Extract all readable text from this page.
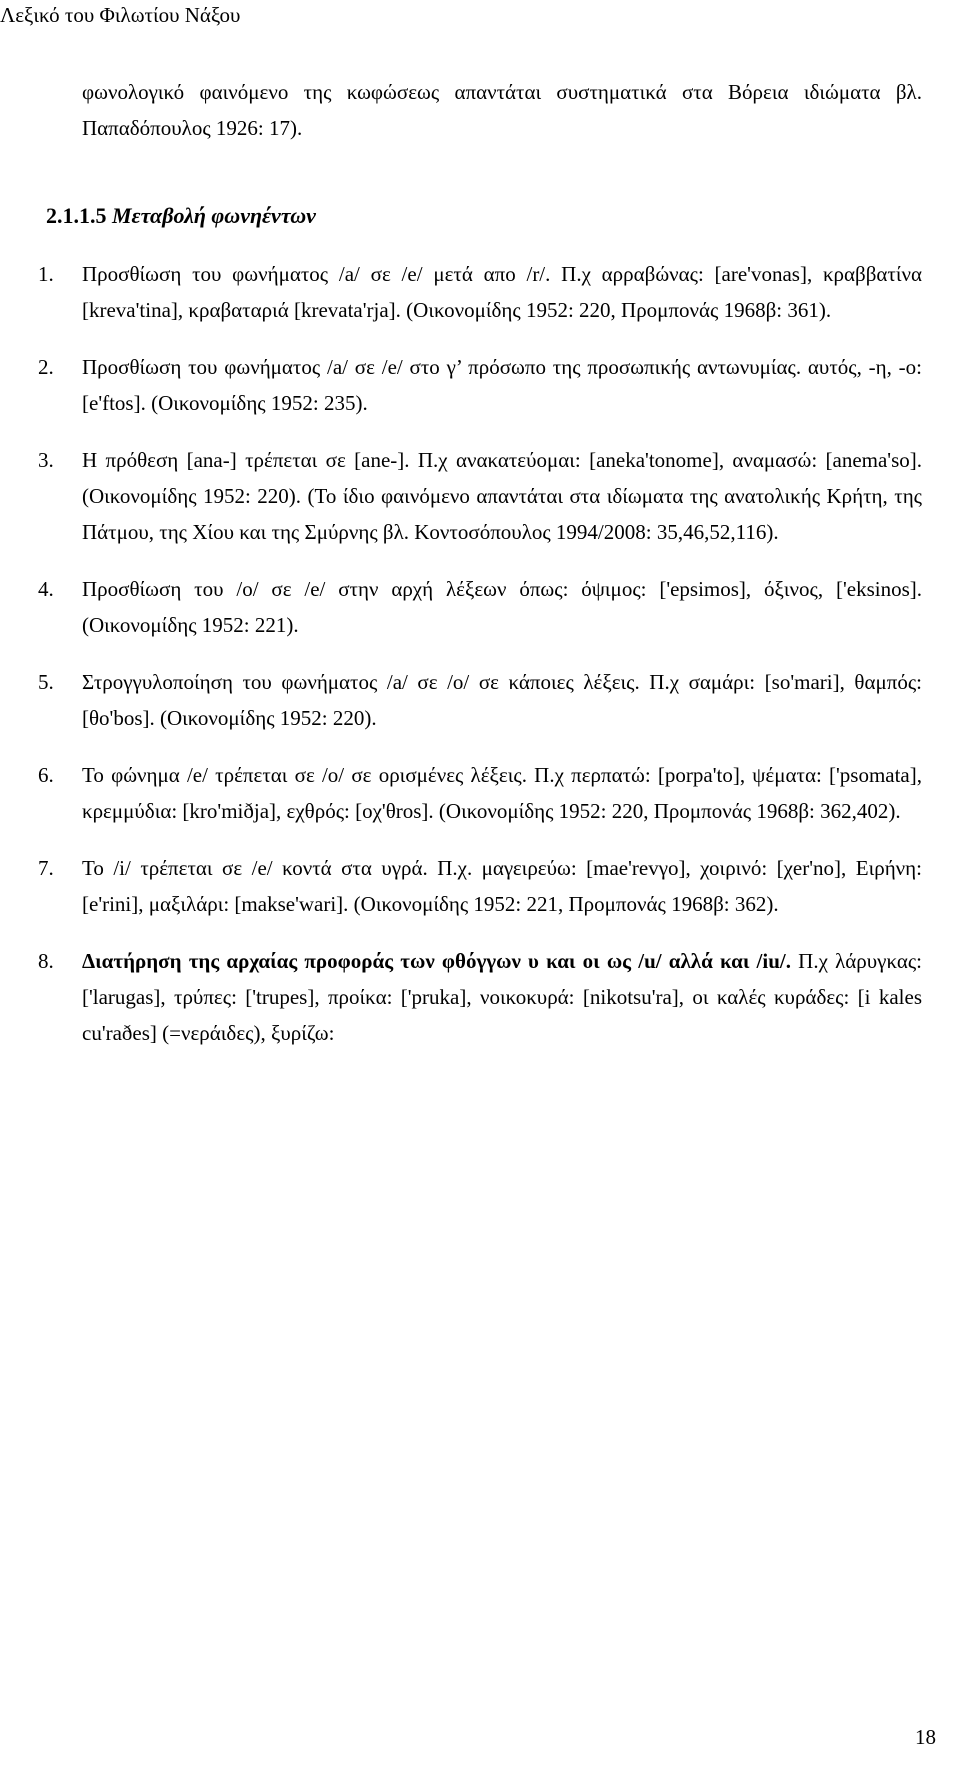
Λεξικό του Φιλωτίου Νάξου

φωνολογικό φαινόμενο της κωφώσεως απαντάται συστηματικά στα Βόρεια ιδιώματα βλ. Παπαδόπουλος 1926: 17).

2.1.1.5 Μεταβολή φωνηέντων
1.	Προσθίωση του φωνήματος /a/ σε /e/ μετά απο /r/. Π.χ αρραβώνας: [are'vonas], κραββατίνα [kreva'tina], κραβαταριά [krevata'rja]. (Οικονομίδης 1952: 220, Προμπονάς 1968β: 361).
2.	Προσθίωση του φωνήματος /a/ σε /e/ στο γ’ πρόσωπο της προσωπικής αντωνυμίας. αυτός, -η, -ο: [e'ftos]. (Οικονομίδης 1952: 235).
3.	Η πρόθεση [ana-] τρέπεται σε [ane-]. Π.χ ανακατεύομαι: [aneka'tonome], αναμασώ: [anema'so]. (Οικονομίδης 1952: 220). (Το ίδιο φαινόμενο απαντάται στα ιδίωματα της ανατολικής Κρήτη, της Πάτμου, της Χίου και της Σμύρνης βλ. Κοντοσόπουλος 1994/2008: 35,46,52,116).
4.	Προσθίωση του /o/ σε /e/ στην αρχή λέξεων όπως: όψιμος: ['epsimos], όξινος, ['eksinos]. (Οικονομίδης 1952: 221).
5.	Στρογγυλοποίηση του φωνήματος /a/ σε /o/ σε κάποιες λέξεις. Π.χ σαμάρι: [so'mari], θαμπός: [θo'bos]. (Οικονομίδης 1952: 220).
6.	Το φώνημα /e/ τρέπεται σε /o/ σε ορισμένες λέξεις. Π.χ περπατώ: [porpa'to], ψέματα: ['psomata], κρεμμύδια: [kro'miðja], εχθρός: [oχ'θros]. (Οικονομίδης 1952: 220, Προμπονάς 1968β: 362,402).
7.	Το /i/ τρέπεται σε /e/ κοντά στα υγρά. Π.χ. μαγειρεύω: [mae'revγo], χοιρινό: [χer'no], Ειρήνη: [e'rini], μαξιλάρι: [makse'wari]. (Οικονομίδης 1952: 221, Προμπονάς 1968β: 362).
8.	Διατήρηση της αρχαίας προφοράς των φθόγγων υ και οι ως /u/ αλλά και /iu/. Π.χ λάρυγκας: ['larugas], τρύπες: ['trupes], προίκα: ['pruka], νοικοκυρά: [nikotsu'ra], οι καλές κυράδες: [i kales cu'raðes] (=νεράιδες), ξυρίζω:
18
